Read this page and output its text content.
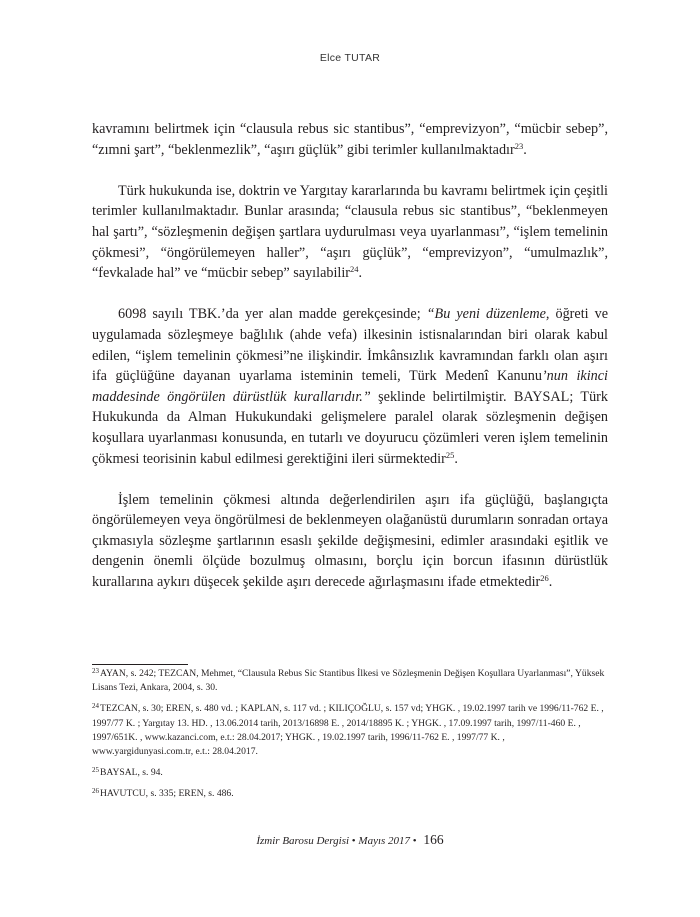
Elce TUTAR

kavramını belirtmek için “clausula rebus sic stantibus”, “emprevizyon”, “mücbir sebep”, “zımni şart”, “beklenmezlik”, “aşırı güçlük” gibi terimler kullanılmaktadır$^{23}$.

Türk hukukunda ise, doktrin ve Yargıtay kararlarında bu kavramı belirtmek için çeşitli terimler kullanılmaktadır. Bunlar arasında; “clausula rebus sic stantibus”, “beklenmeyen hal şartı”, “sözleşmenin değişen şartlara uydurulması veya uyarlanması”, “işlem temelinin çökmesi”, “öngörülemeyen haller”, “aşırı güçlük”, “emprevizyon”, “umulmazlık”, “fevkalade hal” ve “mücbir sebep” sayılabilir$^{24}$.

6098 sayılı TBK.’da yer alan madde gerekçesinde; “Bu yeni düzenleme, öğreti ve uygulamada sözleşmeye bağlılık (ahde vefa) ilkesinin istisnalarından biri olarak kabul edilen, “işlem temelinin çökmesi”ne ilişkindir. İmkânsızlık kavramından farklı olan aşırı ifa güçlüğüne dayanan uyarlama isteminin temeli, Türk Medenî Kanunu’nun ikinci maddesinde öngörülen dürüstlük kurallarıdır.” şeklinde belirtilmiştir. BAYSAL; Türk Hukukunda da Alman Hukukundaki gelişmelere paralel olarak sözleşmenin değişen koşullara uyarlanması konusunda, en tutarlı ve doyurucu çözümleri veren işlem temelinin çökmesi teorisinin kabul edilmesi gerektiğini ileri sürmektedir$^{25}$.

İşlem temelinin çökmesi altında değerlendirilen aşırı ifa güçlüğü, başlangıçta öngörülemeyen veya öngörülmesi de beklenmeyen olağanüstü durumların sonradan ortaya çıkmasıyla sözleşme şartlarının esaslı şekilde değişmesini, edimler arasındaki eşitlik ve dengenin önemli ölçüde bozulmuş olmasını, borçlu için borcun ifasının dürüstlük kurallarına aykırı düşecek şekilde aşırı derecede ağırlaşmasını ifade etmektedir$^{26}$.

$^{23}$AYAN, s. 242; TEZCAN, Mehmet, “Clausula Rebus Sic Stantibus İlkesi ve Sözleşmenin Değişen Koşullara Uyarlanması”, Yüksek Lisans Tezi, Ankara, 2004, s. 30.
$^{24}$TEZCAN, s. 30; EREN, s. 480 vd. ; KAPLAN, s. 117 vd. ; KILIÇOĞLU, s. 157 vd; YHGK. , 19.02.1997 tarih ve 1996/11-762 E. , 1997/77 K. ; Yargıtay 13. HD. , 13.06.2014 tarih, 2013/16898 E. , 2014/18895 K. ; YHGK. , 17.09.1997 tarih, 1997/11-460 E. , 1997/651K. , www.kazanci.com, e.t.: 28.04.2017; YHGK. , 19.02.1997 tarih, 1996/11-762 E. , 1997/77 K. , www.yargidunyasi.com.tr, e.t.: 28.04.2017.
$^{25}$BAYSAL, s. 94.
$^{26}$HAVUTCU, s. 335; EREN, s. 486.
İzmir Barosu Dergisi • Mayıs 2017 • 166
